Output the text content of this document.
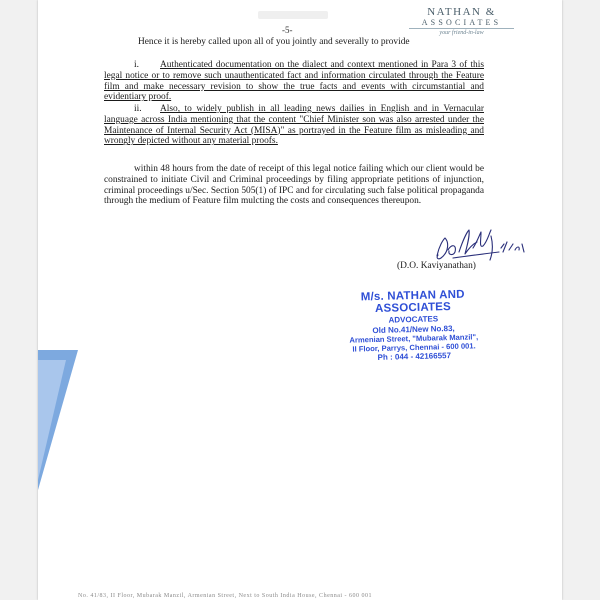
NATHAN &
ASSOCIATES
your friend-in-law
-5-
Hence it is hereby called upon all of you jointly and severally to provide
i. Authenticated documentation on the dialect and context mentioned in Para 3 of this legal notice or to remove such unauthenticated fact and information circulated through the Feature film and make necessary revision to show the true facts and events with circumstantial and evidentiary proof.
ii. Also, to widely publish in all leading news dailies in English and in Vernacular language across India mentioning that the content "Chief Minister son was also arrested under the Maintenance of Internal Security Act (MISA)" as portrayed in the Feature film as misleading and wrongly depicted without any material proofs.
within 48 hours from the date of receipt of this legal notice failing which our client would be constrained to initiate Civil and Criminal proceedings by filing appropriate petitions of injunction, criminal proceedings u/Sec. Section 505(1) of IPC and for circulating such false political propaganda through the medium of Feature film mulcting the costs and consequences thereupon.
(D.O. Kaviyanathan)
M/s. NATHAN AND ASSOCIATES
ADVOCATES
Old No.41/New No.83,
Armenian Street, "Mubarak Manzil",
II Floor, Parrys, Chennai - 600 001.
Ph : 044 - 42166557
No. 41/83, II Floor, Mubarak Manzil, Armenian Street, Next to South India House, Chennai - 600 001
